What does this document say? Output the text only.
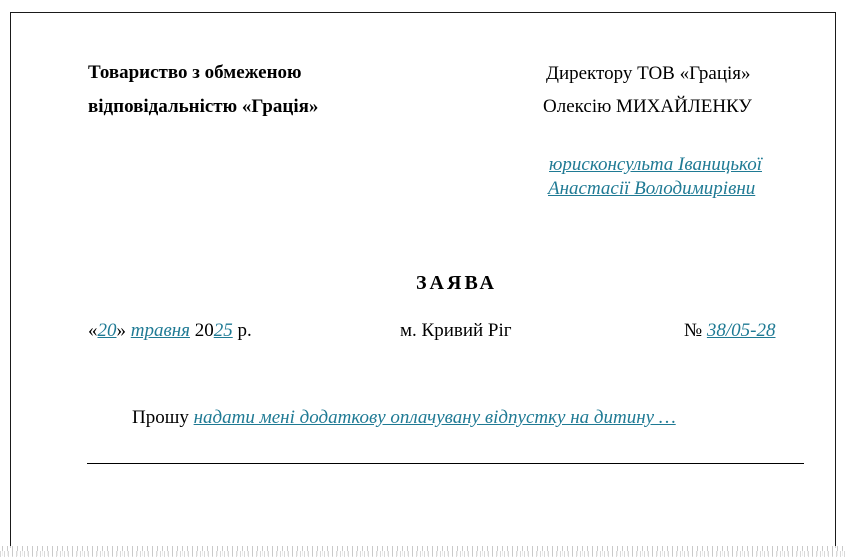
Товариство з обмеженою
відповідальністю «Грація»
Директору ТОВ «Грація»
Олексію МИХАЙЛЕНКУ
юрисконсульта Іваницької
Анастасії Володимирівни
ЗАЯВА
«20» травня 2025 р.	м. Кривий Ріг	№ 38/05-28
Прошу надати мені додаткову оплачувану відпустку на дитину …
